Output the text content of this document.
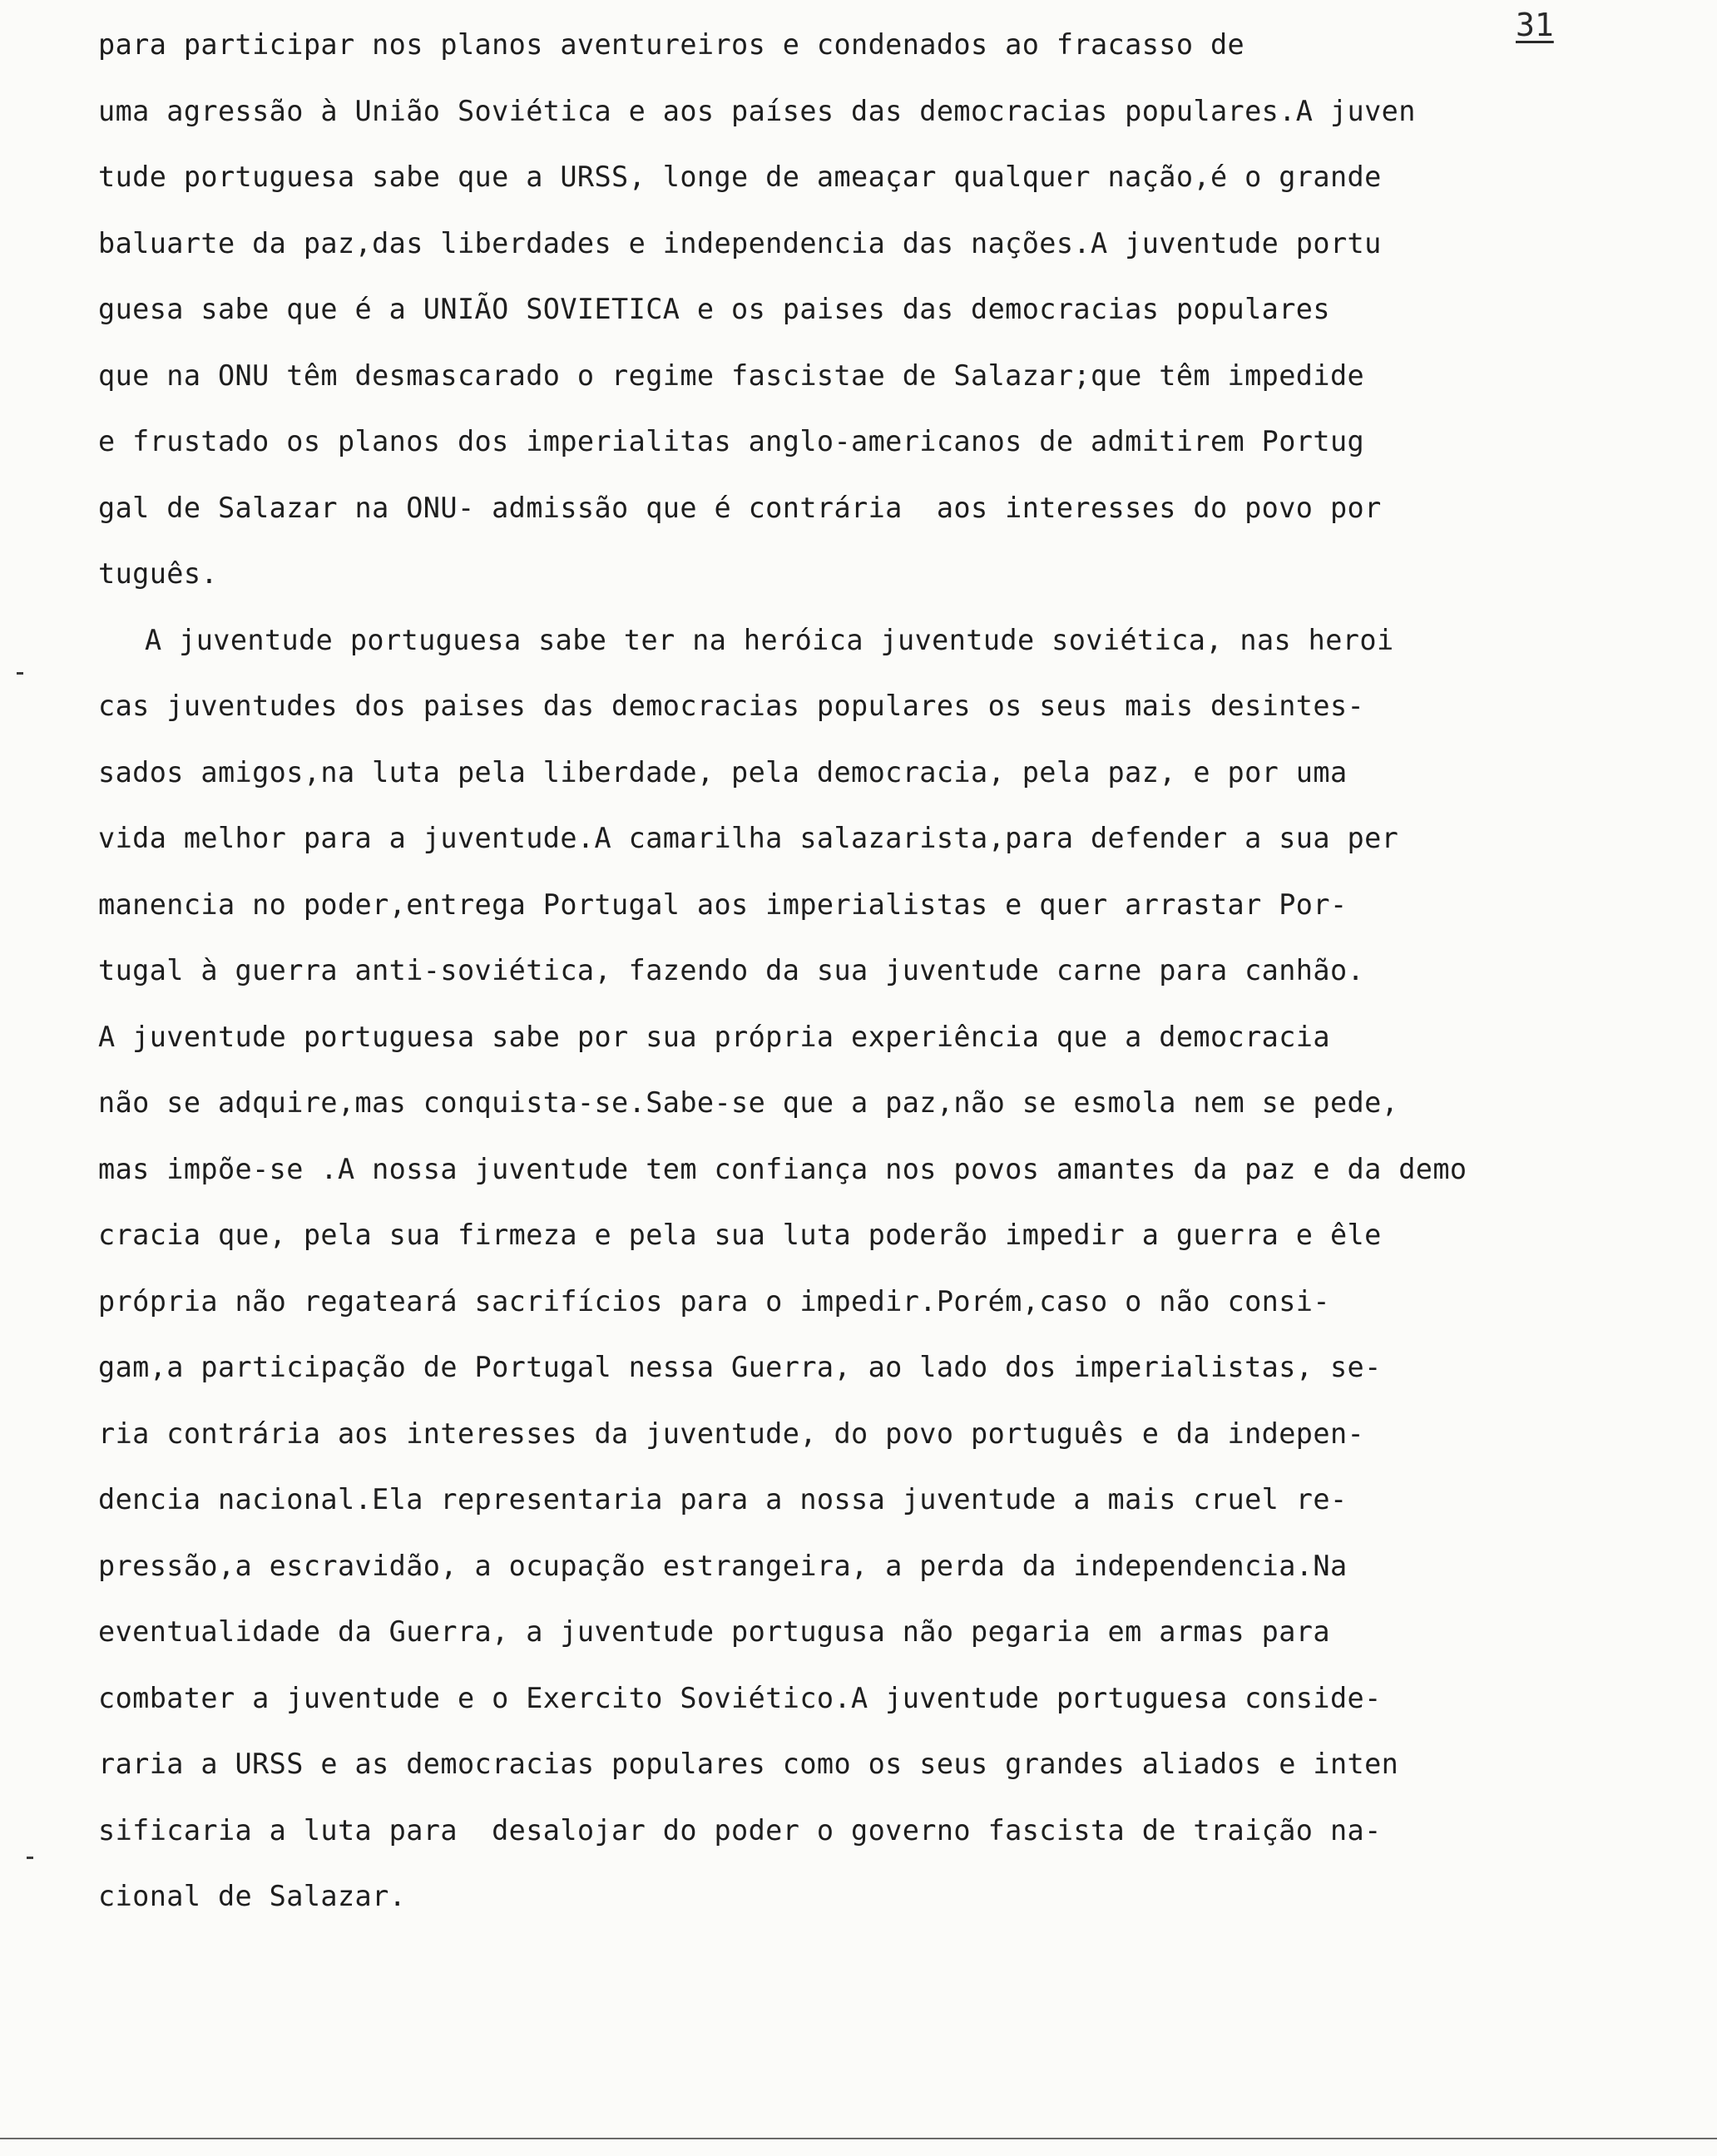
31
para participar nos planos aventureiros e condenados ao fracasso de
uma agressão à União Soviética e aos países das democracias populares.A juven
tude portuguesa sabe que a URSS, longe de ameaçar qualquer nação,é o grande
baluarte da paz,das liberdades e independencia das nações.A juventude portu
guesa sabe que é a UNIÃO SOVIETICA e os paises das democracias populares
que na ONU têm desmascarado o regime fascistae de Salazar;que têm impedide
e frustado os planos dos imperialitas anglo-americanos de admitirem Portug
gal de Salazar na ONU- admissão que é contrária  aos interesses do povo por
tuguês.
A juventude portuguesa sabe ter na heróica juventude soviética, nas heroi
cas juventudes dos paises das democracias populares os seus mais desintes-
sados amigos,na luta pela liberdade, pela democracia, pela paz, e por uma
vida melhor para a juventude.A camarilha salazarista,para defender a sua per
manencia no poder,entrega Portugal aos imperialistas e quer arrastar Por-
tugal à guerra anti-soviética, fazendo da sua juventude carne para canhão.
A juventude portuguesa sabe por sua própria experiência que a democracia
não se adquire,mas conquista-se.Sabe-se que a paz,não se esmola nem se pede,
mas impõe-se .A nossa juventude tem confiança nos povos amantes da paz e da demo
cracia que, pela sua firmeza e pela sua luta poderão impedir a guerra e êle
própria não regateará sacrifícios para o impedir.Porém,caso o não consi-
gam,a participação de Portugal nessa Guerra, ao lado dos imperialistas, se-
ria contrária aos interesses da juventude, do povo português e da indepen-
dencia nacional.Ela representaria para a nossa juventude a mais cruel re-
pressão,a escravidão, a ocupação estrangeira, a perda da independencia.Na
eventualidade da Guerra, a juventude portugusa não pegaria em armas para
combater a juventude e o Exercito Soviético.A juventude portuguesa conside-
raria a URSS e as democracias populares como os seus grandes aliados e inten
sificaria a luta para  desalojar do poder o governo fascista de traição na-
cional de Salazar.
